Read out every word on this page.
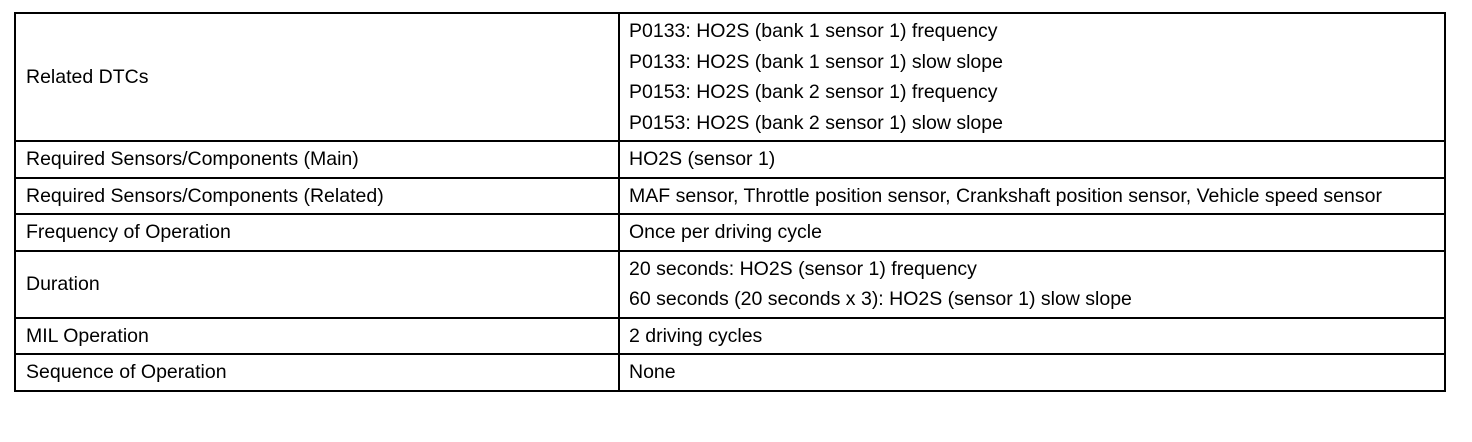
Related DTCs	P0133: HO2S (bank 1 sensor 1) frequency
P0133: HO2S (bank 1 sensor 1) slow slope
P0153: HO2S (bank 2 sensor 1) frequency
P0153: HO2S (bank 2 sensor 1) slow slope

Required Sensors/Components (Main)	HO2S (sensor 1)

Required Sensors/Components (Related)	MAF sensor, Throttle position sensor, Crankshaft position sensor, Vehicle speed sensor

Frequency of Operation	Once per driving cycle

Duration	20 seconds: HO2S (sensor 1) frequency
60 seconds (20 seconds x 3): HO2S (sensor 1) slow slope

MIL Operation	2 driving cycles

Sequence of Operation	None
